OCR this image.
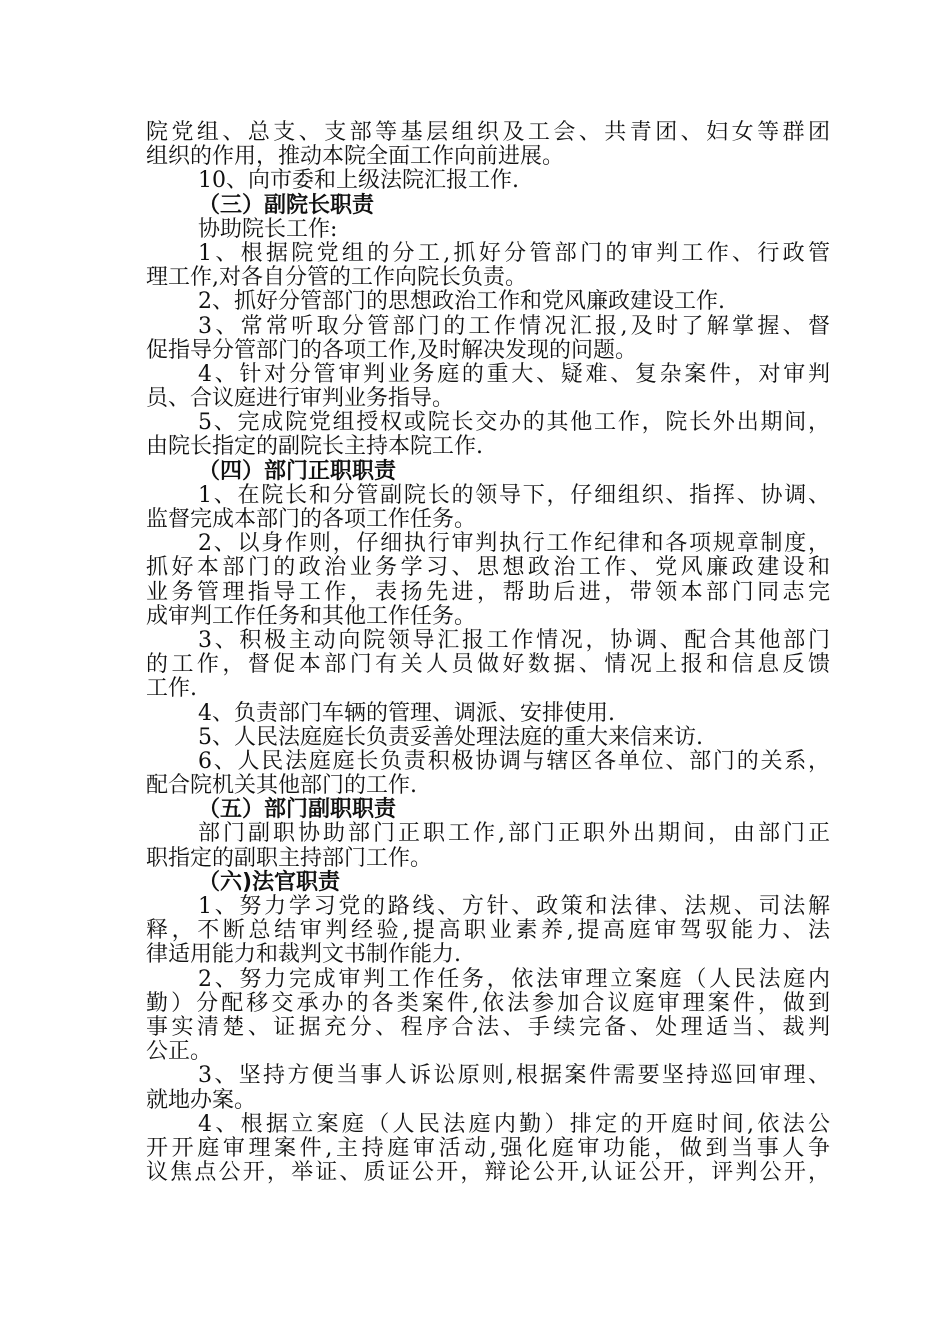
院党组、总支、支部等基层组织及工会、共青团、妇女等群团
组织的作用，推动本院全面工作向前进展。
10、向市委和上级法院汇报工作.
（三）副院长职责
协助院长工作:
1、根据院党组的分工,抓好分管部门的审判工作、行政管
理工作,对各自分管的工作向院长负责。
2、抓好分管部门的思想政治工作和党风廉政建设工作.
3、常常听取分管部门的工作情况汇报,及时了解掌握、督
促指导分管部门的各项工作,及时解决发现的问题。
4、针对分管审判业务庭的重大、疑难、复杂案件，对审判
员、合议庭进行审判业务指导。
5、完成院党组授权或院长交办的其他工作，院长外出期间，
由院长指定的副院长主持本院工作.
（四）部门正职职责
1、在院长和分管副院长的领导下，仔细组织、指挥、协调、
监督完成本部门的各项工作任务。
2、以身作则，仔细执行审判执行工作纪律和各项规章制度，
抓好本部门的政治业务学习、思想政治工作、党风廉政建设和
业务管理指导工作，表扬先进，帮助后进，带领本部门同志完
成审判工作任务和其他工作任务。
3、积极主动向院领导汇报工作情况，协调、配合其他部门
的工作，督促本部门有关人员做好数据、情况上报和信息反馈
工作.
4、负责部门车辆的管理、调派、安排使用.
5、人民法庭庭长负责妥善处理法庭的重大来信来访.
6、人民法庭庭长负责积极协调与辖区各单位、部门的关系，
配合院机关其他部门的工作.
（五）部门副职职责
部门副职协助部门正职工作,部门正职外出期间，由部门正
职指定的副职主持部门工作。
（六)法官职责
1、努力学习党的路线、方针、政策和法律、法规、司法解
释，不断总结审判经验,提高职业素养,提高庭审驾驭能力、法
律适用能力和裁判文书制作能力.
2、努力完成审判工作任务，依法审理立案庭（人民法庭内
勤）分配移交承办的各类案件,依法参加合议庭审理案件，做到
事实清楚、证据充分、程序合法、手续完备、处理适当、裁判
公正。
3、坚持方便当事人诉讼原则,根据案件需要坚持巡回审理、
就地办案。
4、根据立案庭（人民法庭内勤）排定的开庭时间,依法公
开开庭审理案件,主持庭审活动,强化庭审功能，做到当事人争
议焦点公开，举证、质证公开，辩论公开,认证公开，评判公开，
